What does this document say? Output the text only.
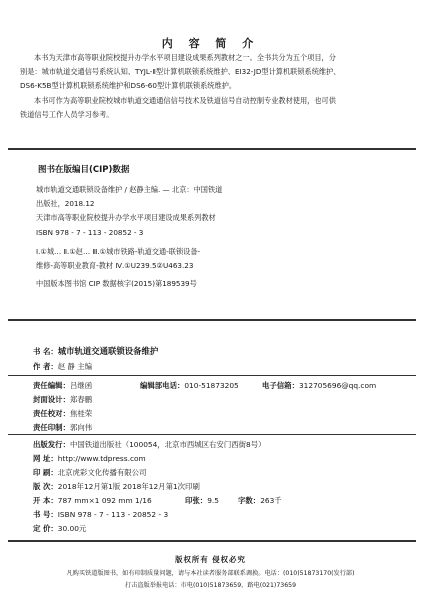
内 容 简 介
本书为天津市高等职业院校提升办学水平项目建设成果系列教材之一。全书共分为五个项目，分
别是：城市轨道交通信号系统认知、TYJL-Ⅱ型计算机联锁系统维护、EI32-JD型计算机联锁系统维护、
DS6-K5B型计算机联锁系统维护和DS6-60型计算机联锁系统维护。
本书可作为高等职业院校城市轨道交通通信信号技术及铁道信号自动控制专业教材使用，也可供
铁道信号工作人员学习参考。
图书在版编目(CIP)数据
城市轨道交通联锁设备维护 / 赵静主编. — 北京：中国铁道
出版社，2018.12
天津市高等职业院校提升办学水平项目建设成果系列教材
ISBN 978 - 7 - 113 - 20852 - 3
Ⅰ.①城… Ⅱ.①赵… Ⅲ.①城市铁路-轨道交通-联锁设备-
维修-高等职业教育-教材 Ⅳ.①U239.5②U463.23
中国版本图书馆 CIP 数据核字(2015)第189539号
书 名：城市轨道交通联锁设备维护
作 者：赵 静 主编
责任编辑：吕继函	编辑部电话：010-51873205	电子信箱：312705696@qq.com
封面设计：郑春鹏
责任校对：焦桂荣
责任印制：郭向伟
出版发行：中国铁道出版社（100054，北京市西城区右安门西街8号）
网 址：http://www.tdpress.com
印 刷：北京虎彩文化传播有限公司
版 次：2018年12月第1版 2018年12月第1次印刷
开 本：787 mm×1 092 mm 1/16	印张：9.5	字数：263千
书 号：ISBN 978 - 7 - 113 - 20852 - 3
定 价：30.00元
版权所有 侵权必究
凡购买铁道版图书，如有印制质量问题，请与本社读者服务部联系调换。电话：(010)51873170(发行部)
打击盗版举报电话：市电(010)51873659，路电(021)73659
